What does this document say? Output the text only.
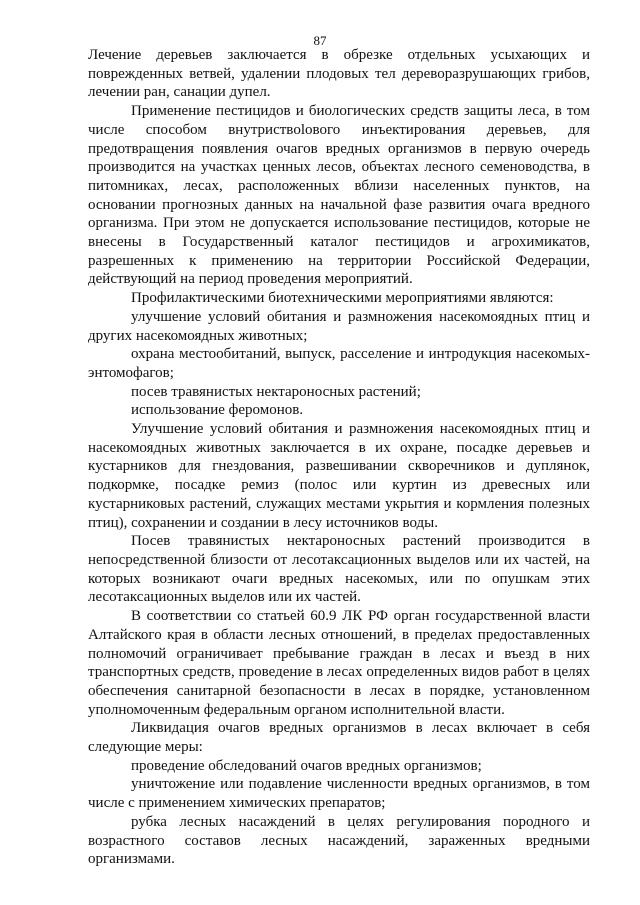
87

Лечение деревьев заключается в обрезке отдельных усыхающих и поврежденных ветвей, удалении плодовых тел дереворазрушающих грибов, лечении ран, санации дупел.

Применение пестицидов и биологических средств защиты леса, в том числе способом внутриствolового инъектирования деревьев, для предотвращения появления очагов вредных организмов в первую очередь производится на участках ценных лесов, объектах лесного семеноводства, в питомниках, лесах, расположенных вблизи населенных пунктов, на основании прогнозных данных на начальной фазе развития очага вредного организма. При этом не допускается использование пестицидов, которые не внесены в Государственный каталог пестицидов и агрохимикатов, разрешенных к применению на территории Российской Федерации, действующий на период проведения мероприятий.

Профилактическими биотехническими мероприятиями являются:

улучшение условий обитания и размножения насекомоядных птиц и других насекомоядных животных;

охрана местообитаний, выпуск, расселение и интродукция насекомых-энтомофагов;

посев травянистых нектароносных растений;

использование феромонов.

Улучшение условий обитания и размножения насекомоядных птиц и насекомоядных животных заключается в их охране, посадке деревьев и кустарников для гнездования, развешивании скворечников и дуплянок, подкормке, посадке ремиз (полос или куртин из древесных или кустарниковых растений, служащих местами укрытия и кормления полезных птиц), сохранении и создании в лесу источников воды.

Посев травянистых нектароносных растений производится в непосредственной близости от лесотаксационных выделов или их частей, на которых возникают очаги вредных насекомых, или по опушкам этих лесотаксационных выделов или их частей.

В соответствии со статьей 60.9 ЛК РФ орган государственной власти Алтайского края в области лесных отношений, в пределах предоставленных полномочий ограничивает пребывание граждан в лесах и въезд в них транспортных средств, проведение в лесах определенных видов работ в целях обеспечения санитарной безопасности в лесах в порядке, установленном уполномоченным федеральным органом исполнительной власти.

Ликвидация очагов вредных организмов в лесах включает в себя следующие меры:

проведение обследований очагов вредных организмов;

уничтожение или подавление численности вредных организмов, в том числе с применением химических препаратов;

рубка лесных насаждений в целях регулирования породного и возрастного составов лесных насаждений, зараженных вредными организмами.
